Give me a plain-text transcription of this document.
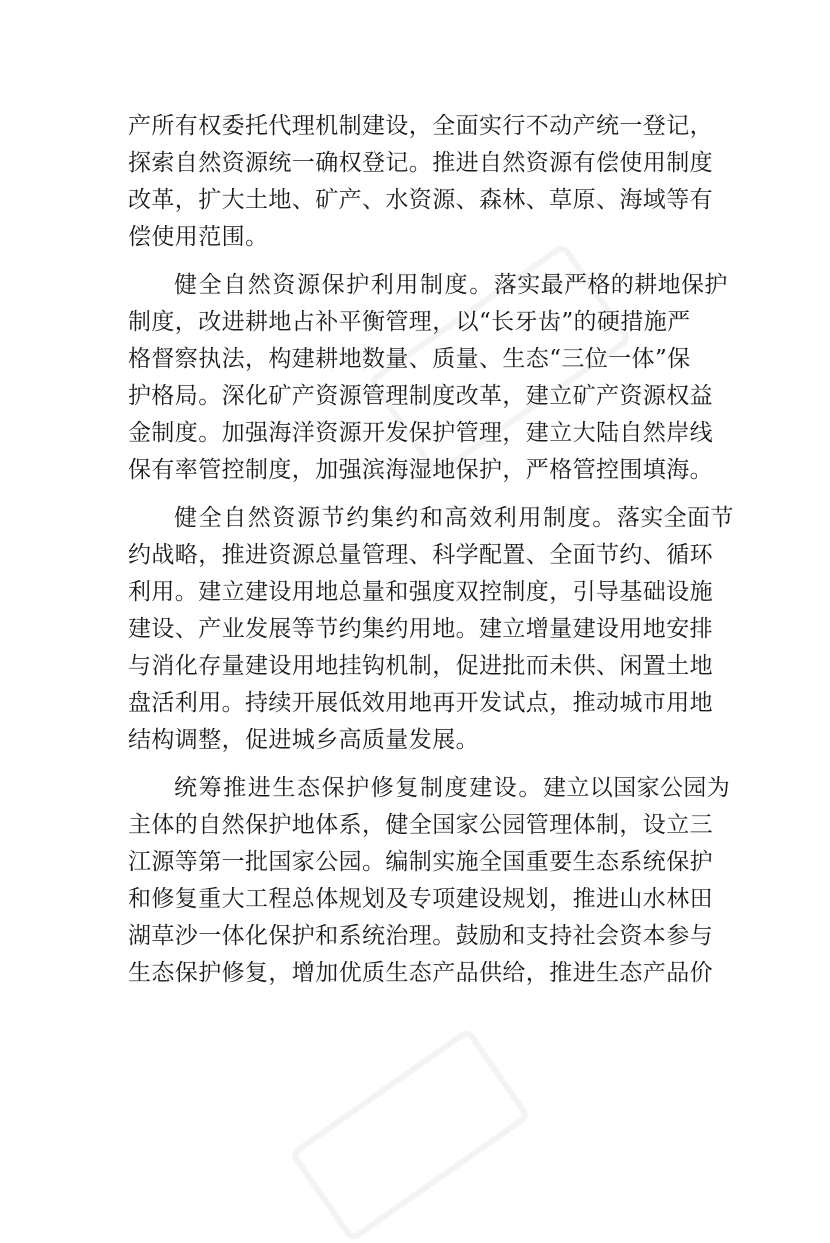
产所有权委托代理机制建设，全面实行不动产统一登记，
探索自然资源统一确权登记。推进自然资源有偿使用制度
改革，扩大土地、矿产、水资源、森林、草原、海域等有
偿使用范围。

健全自然资源保护利用制度。落实最严格的耕地保护
制度，改进耕地占补平衡管理，以“长牙齿”的硬措施严
格督察执法，构建耕地数量、质量、生态“三位一体”保
护格局。深化矿产资源管理制度改革，建立矿产资源权益
金制度。加强海洋资源开发保护管理，建立大陆自然岸线
保有率管控制度，加强滨海湿地保护，严格管控围填海。

健全自然资源节约集约和高效利用制度。落实全面节
约战略，推进资源总量管理、科学配置、全面节约、循环
利用。建立建设用地总量和强度双控制度，引导基础设施
建设、产业发展等节约集约用地。建立增量建设用地安排
与消化存量建设用地挂钩机制，促进批而未供、闲置土地
盘活利用。持续开展低效用地再开发试点，推动城市用地
结构调整，促进城乡高质量发展。

统筹推进生态保护修复制度建设。建立以国家公园为
主体的自然保护地体系，健全国家公园管理体制，设立三
江源等第一批国家公园。编制实施全国重要生态系统保护
和修复重大工程总体规划及专项建设规划，推进山水林田
湖草沙一体化保护和系统治理。鼓励和支持社会资本参与
生态保护修复，增加优质生态产品供给，推进生态产品价
